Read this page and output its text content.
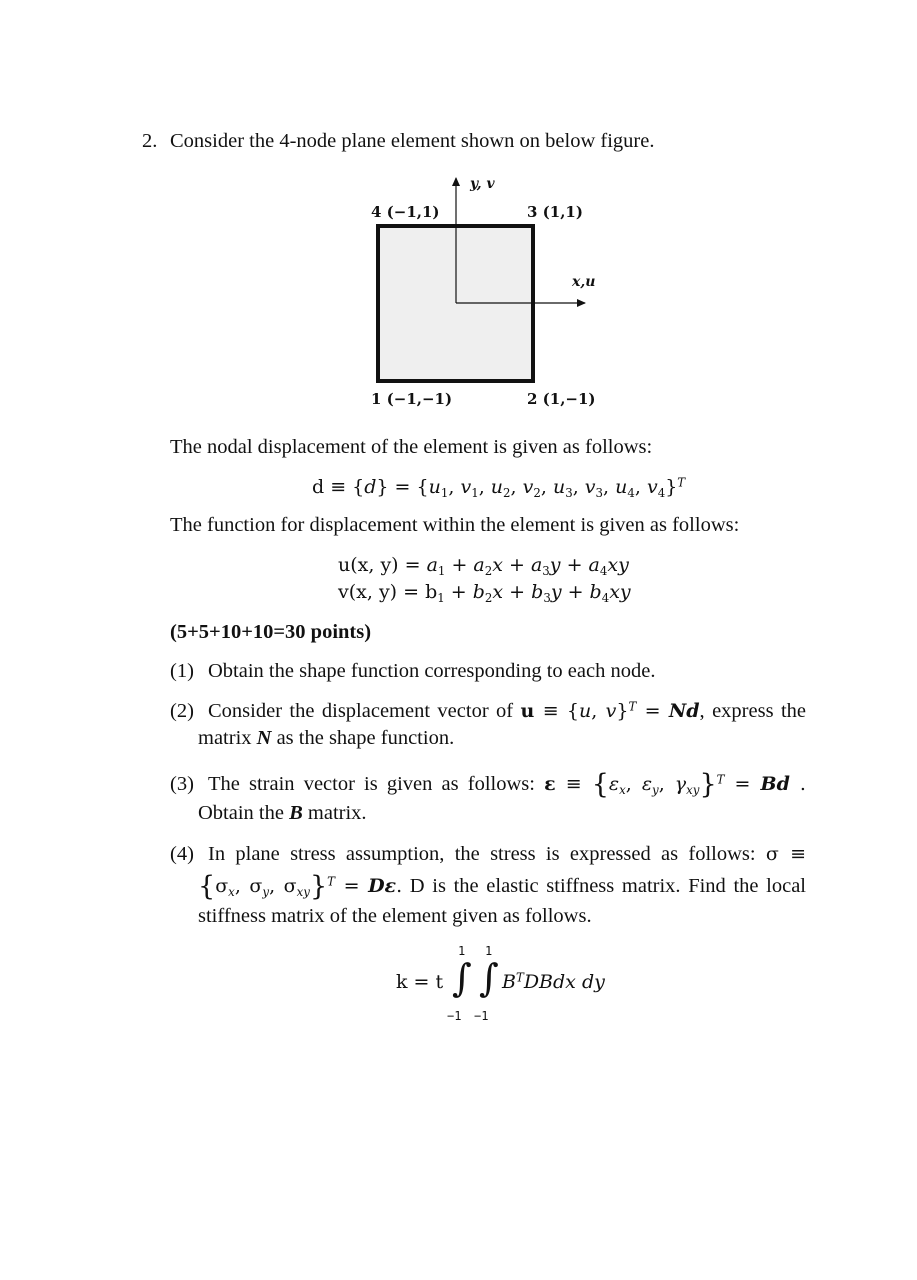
2. Consider the 4-node plane element shown on below figure.
y, v
x,u
4 (−1,1)	3 (1,1)
1 (−1,−1)	2 (1,−1)
The nodal displacement of the element is given as follows:
$d \equiv \{d\} = \{u_1$, $v_1$, $u_2$, $v_2$, $u_3$, $v_3$, $u_4$, $v_4\}^T$
The function for displacement within the element is given as follows:
u(x, $y) = a_1 + a_2x + a_3y + a_4xy$
v(x, $y) = b_1 + b_2x + b_3y + b_4xy$
(5+5+10+10=30 points)
(1) Obtain the shape function corresponding to each node.
(2) Consider the displacement vector of u ≡ {u, v}$^T$ = Nd, express the
matrix N as the shape function.
(3) The strain vector is given as follows: $\varepsilon \equiv \{\varepsilon_x$, $\varepsilon_y$, $\gamma_{xy}\}^T = Bd$ .
Obtain the B matrix.
(4) In plane stress assumption, the stress is expressed as follows: σ ≡
{$\sigma_x$, $\sigma_y$, $\sigma_{xy}\}^T = D\varepsilon$. D is the elastic stiffness matrix. Find the local
stiffness matrix of the element given as follows.
1 1
k = t ∫ ∫ $B^TDBdx$ dy
−1 −1
